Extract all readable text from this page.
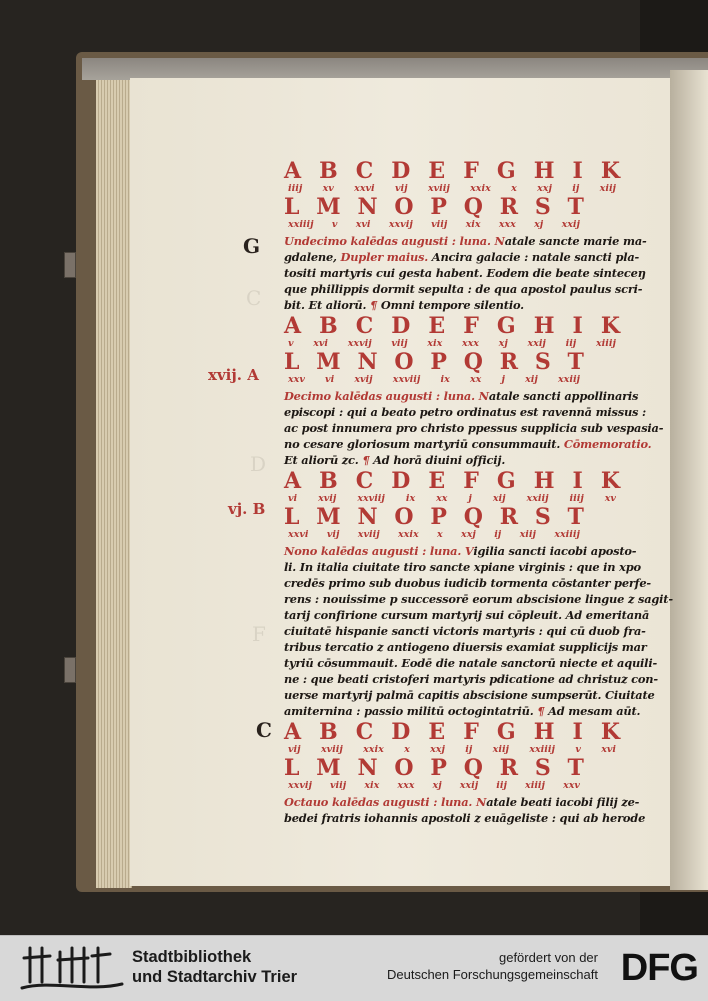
C
D
F
G
xvij. A
vj. B
C
A B C D E F G H I K
iiij xv xxvi vij xviij xxix x xxj ij xiij
L M N O P Q R S T
xxiiij v xvi xxvij viij xix xxx xj xxij
Undecimo kalēdas augusti : luna. Natale sancte marie ma-
gdalene, Dupler maius. Ancira galacie : natale sancti pla-
tositi martyris cui gesta habent. Eodem die beate sinteceŋ
que phillippis dormit sepulta : de qua apostol paulus scri-
bit. Et aliorū. ¶ Omni tempore silentio.
A B C D E F G H I K
v xvi xxvij viij xix xxx xj xxij iij xiiij
L M N O P Q R S T
xxv vi xvij xxviij ix xx j xij xxiij
Decimo kalēdas augusti : luna. Natale sancti appollinaris
episcopi : qui a beato petro ordinatus est ravennā missus :
ac post innumera pro christo ppessus supplicia sub vespasia-
no cesare gloriosum martyriū consummauit. Cōmemoratio.
Et aliorū zc. ¶ Ad horā diuini officij.
A B C D E F G H I K
vi xvij xxviij ix xx j xij xxiij iiij xv
L M N O P Q R S T
xxvi vij xviij xxix x xxj ij xiij xxiiij
Nono kalēdas augusti : luna. Vigilia sancti iacobi aposto-
li. In italia ciuitate tiro sancte xpiane virginis : que in xpo
credēs primo sub duobus iudicib tormenta cōstanter perfe-
rens : nouissime p successorē eorum abscisione lingue z sagit-
tarij confirione cursum martyrij sui cōpleuit. Ad emeritanā
ciuitatē hispanie sancti victoris martyris : qui cū duob fra-
tribus tercatio z antiogeno diuersis examiat supplicijs mar
tyriū cōsummauit. Eodē die natale sanctorū niecte et aquili-
ne : que beati cristoferi martyris pdicatione ad christuz con-
uerse martyrij palmā capitis abscisione sumpserūt. Ciuitate
amiternina : passio militū octogintatriū. ¶ Ad mesam aūt.
A B C D E F G H I K
vij xviij xxix x xxj ij xiij xxiiij v xvi
L M N O P Q R S T
xxvij viij xix xxx xj xxij iij xiiij xxv
Octauo kalēdas augusti : luna. Natale beati iacobi filij ze-
bedei fratris iohannis apostoli z euāgeliste : qui ab herode
Stadtbibliothek
und Stadtarchiv Trier
gefördert von der
Deutschen Forschungsgemeinschaft DFG
